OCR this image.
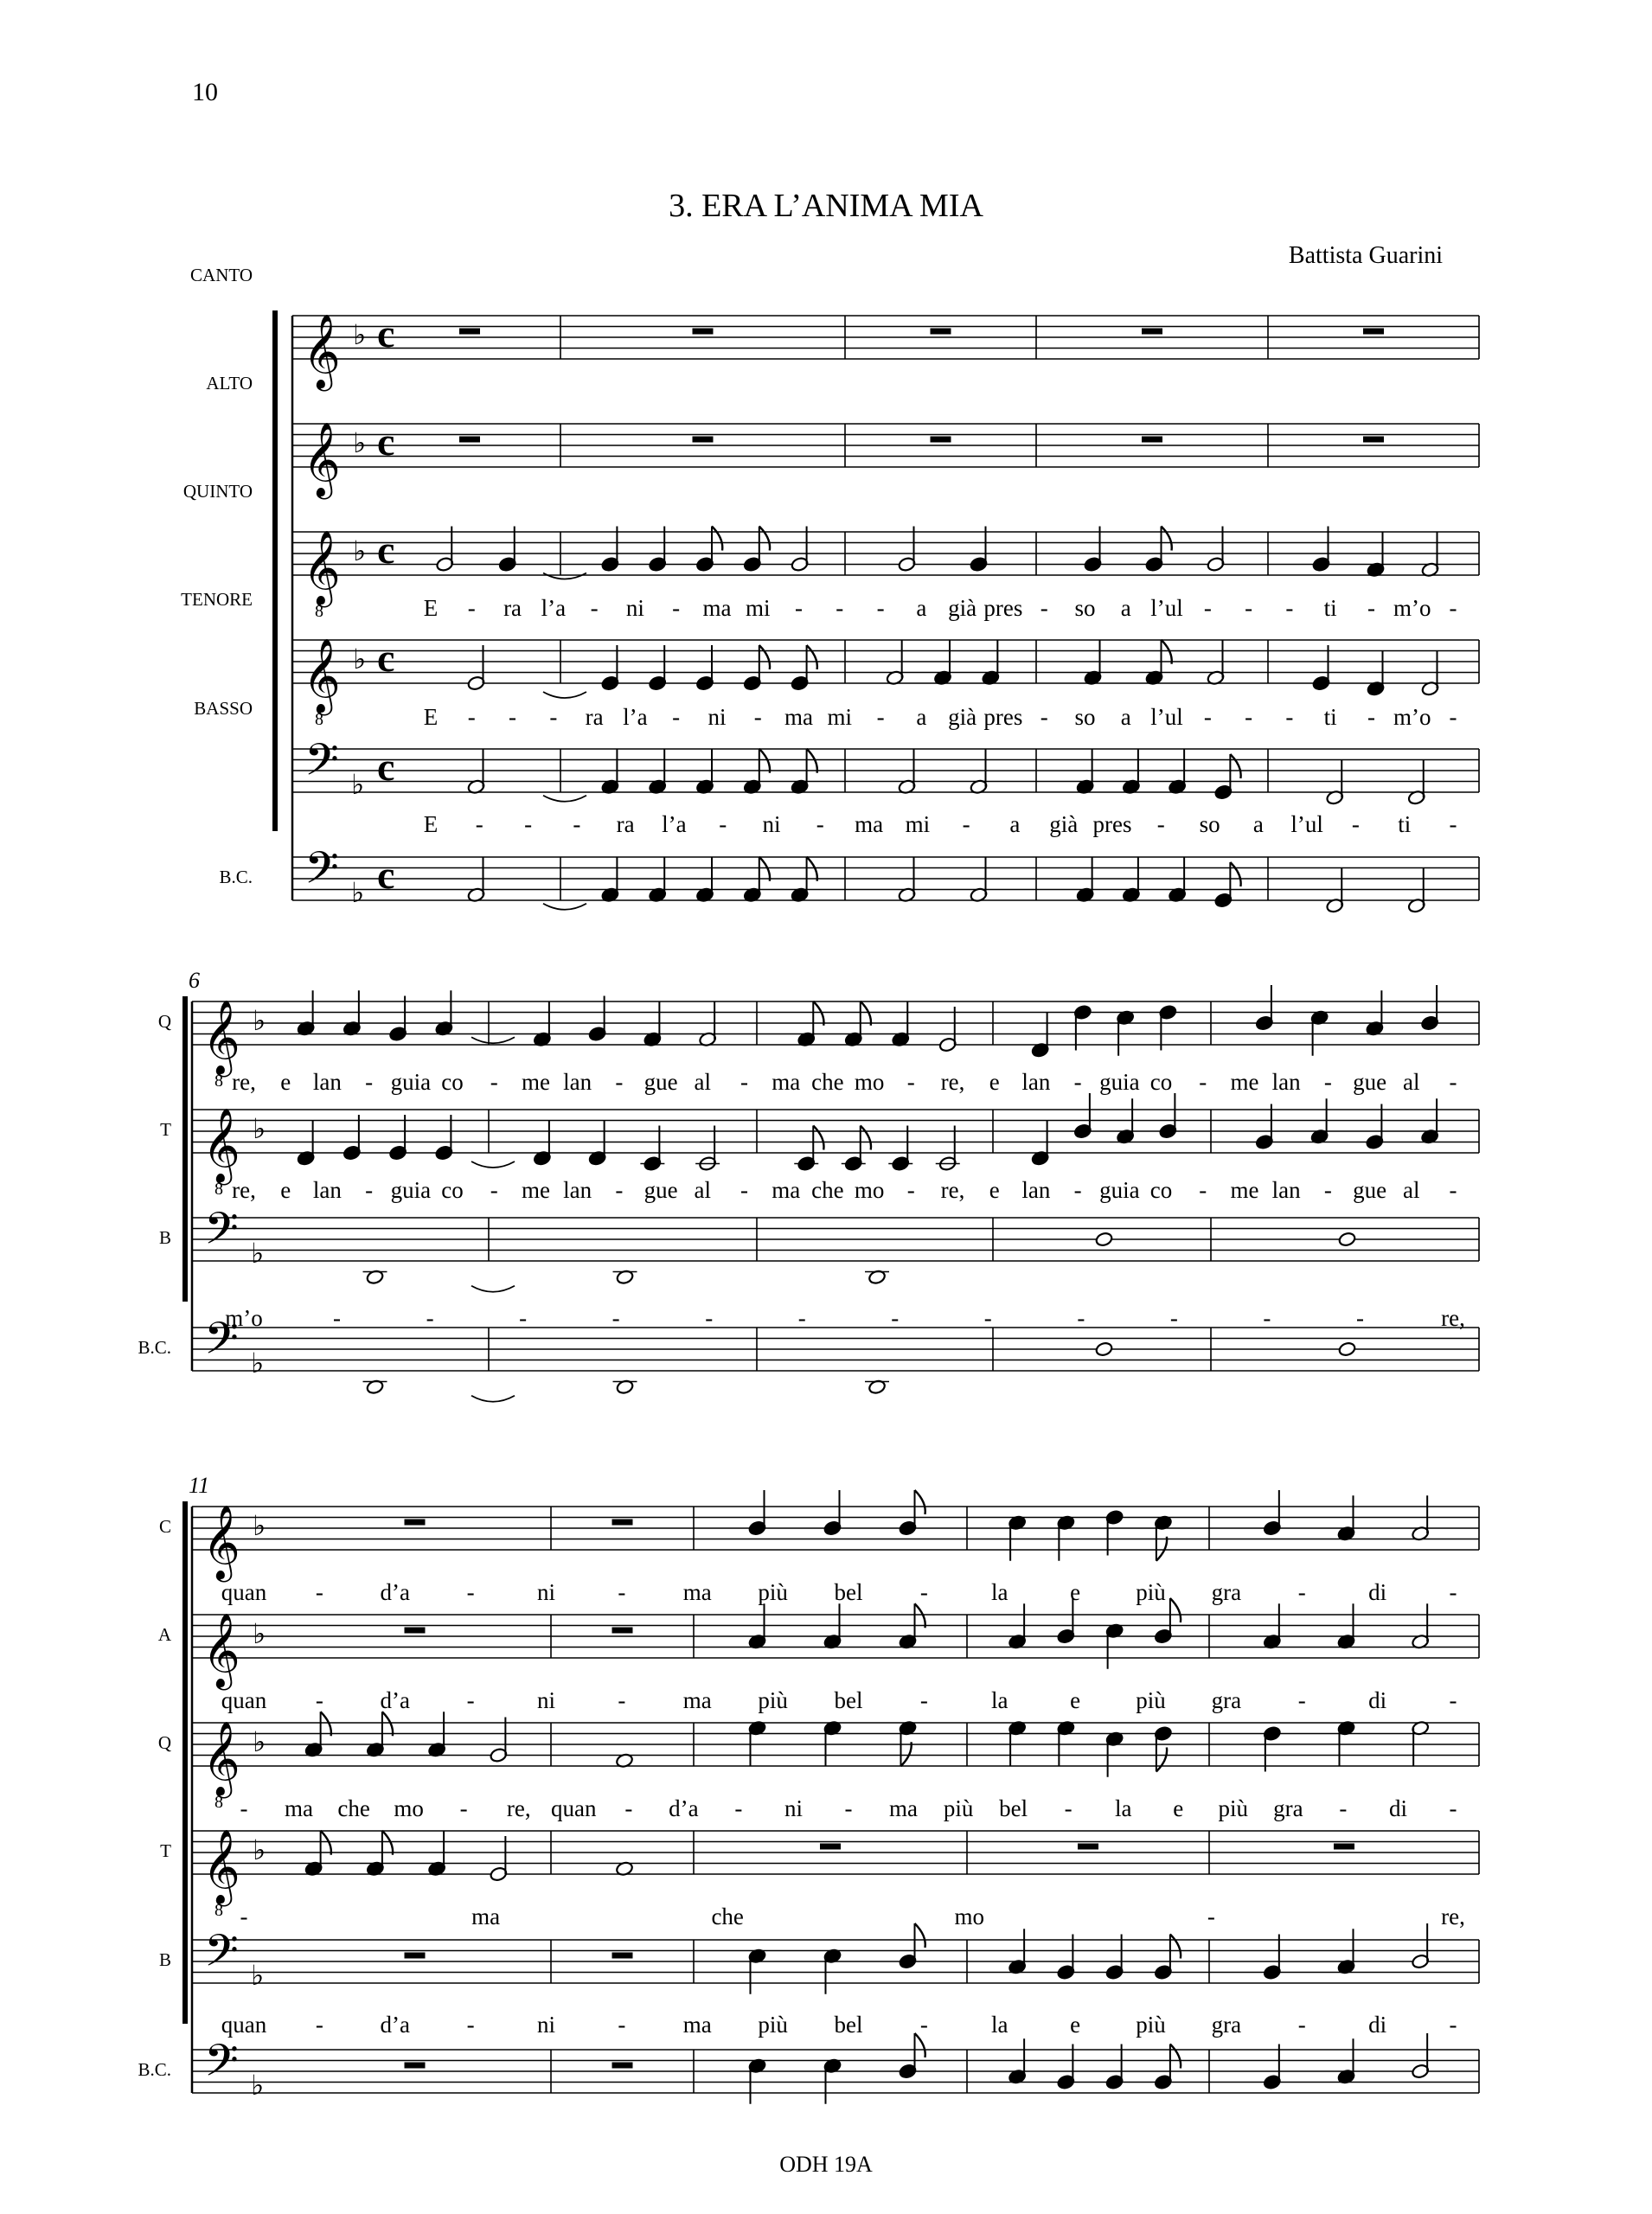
10
3. ERA L’ANIMA MIA
Battista Guarini
ODH 19A
𝄞 ♭ c
𝄞 ♭ c
𝄞
8
♭ c
𝄞
8
♭ c
𝄢 ♭ c
𝄢 ♭ c
𝄞
8
♭
𝄞
8
♭
𝄢 ♭
𝄢 ♭
𝄞 ♭
𝄞 ♭
𝄞
8
♭
𝄞
8
♭
𝄢 ♭
𝄢 ♭
CANTO
ALTO
QUINTO
TENORE
BASSO
B.C.
6
Q
T
B
B.C.
11
C
A
Q
T
B
B.C.
E - ra l’a - ni - ma mi - - - a già pres - so a l’ul - - - ti - m’o -
E - - - ra l’a - ni - ma mi - a già pres - so a l’ul - - - ti - m’o -
E - - - ra l’a - ni - ma mi - a già pres - so a l’ul - ti -
re, e lan - guia co - me lan - gue al - ma che mo - re, e lan - guia co - me lan - gue al -
re, e lan - guia co - me lan - gue al - ma che mo - re, e lan - guia co - me lan - gue al -
m’o	-	-	-	-	-	-	-	-	-	-	-	-	re,
quan - d’a -	ni	- ma più bel -	la	e più gra -	di	-
quan - d’a -	ni	- ma più bel -	la	e più gra -	di	-
- ma che mo - re, quan - d’a - ni - ma più bel - la e più gra - di -
-	ma	che	mo	-	re,
quan - d’a -	ni	- ma più bel -	la	e più gra -	di	-
